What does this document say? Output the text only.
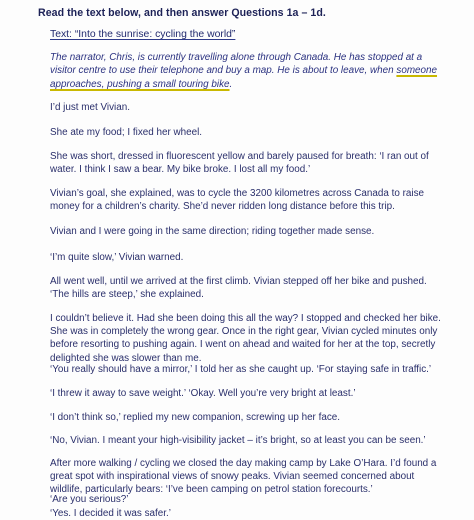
Read the text below, and then answer Questions 1a – 1d.
Text: “Into the sunrise: cycling the world”
The narrator, Chris, is currently travelling alone through Canada. He has stopped at a visitor centre to use their telephone and buy a map. He is about to leave, when someone approaches, pushing a small touring bike.
I’d just met Vivian.
She ate my food; I fixed her wheel.
She was short, dressed in fluorescent yellow and barely paused for breath: ‘I ran out of water. I think I saw a bear. My bike broke. I lost all my food.’
Vivian’s goal, she explained, was to cycle the 3200 kilometres across Canada to raise money for a children’s charity. She’d never ridden long distance before this trip.
Vivian and I were going in the same direction; riding together made sense.
‘I’m quite slow,’ Vivian warned.
All went well, until we arrived at the first climb. Vivian stepped off her bike and pushed. ‘The hills are steep,’ she explained.
I couldn’t believe it. Had she been doing this all the way? I stopped and checked her bike. She was in completely the wrong gear. Once in the right gear, Vivian cycled minutes only before resorting to pushing again. I went on ahead and waited for her at the top, secretly delighted she was slower than me.
‘You really should have a mirror,’ I told her as she caught up. ‘For staying safe in traffic.’
‘I threw it away to save weight.’ ‘Okay. Well you’re very bright at least.’
‘I don’t think so,’ replied my new companion, screwing up her face.
‘No, Vivian. I meant your high-visibility jacket – it’s bright, so at least you can be seen.’
After more walking / cycling we closed the day making camp by Lake O’Hara. I’d found a great spot with inspirational views of snowy peaks. Vivian seemed concerned about wildlife, particularly bears: ‘I’ve been camping on petrol station forecourts.’
‘Are you serious?’
‘Yes. I decided it was safer.’
